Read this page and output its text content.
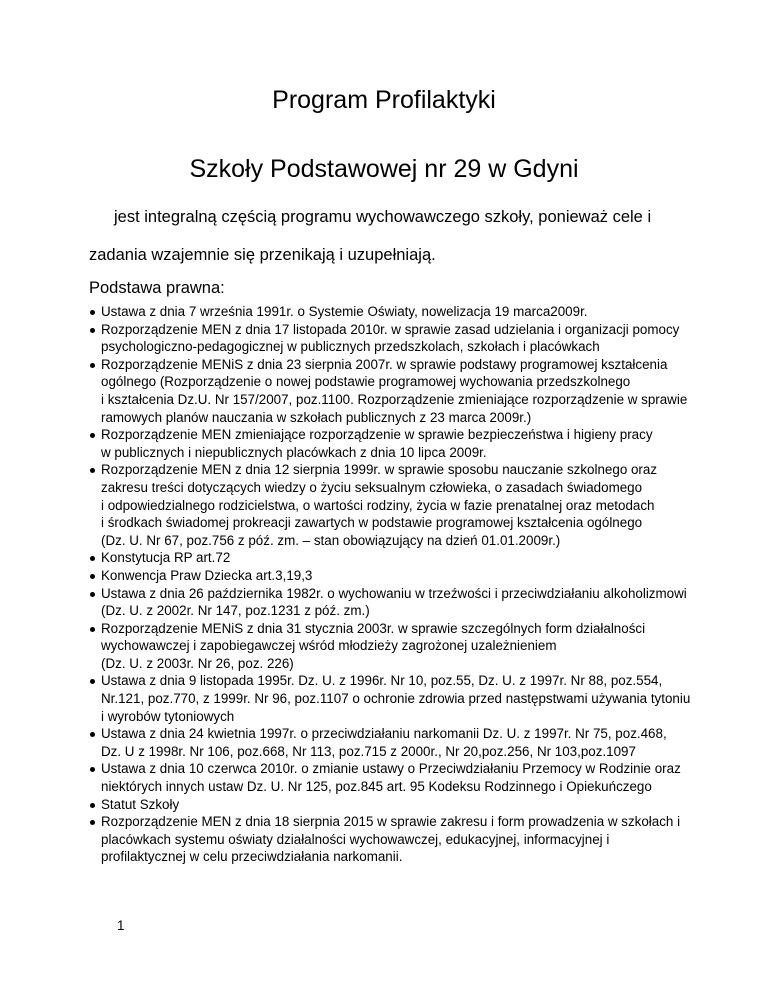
Program Profilaktyki
Szkoły Podstawowej nr 29 w Gdyni
jest integralną częścią programu wychowawczego szkoły, ponieważ cele i
zadania wzajemnie się przenikają i uzupełniają.
Podstawa prawna:
Ustawa z dnia 7 września 1991r. o Systemie Oświaty, nowelizacja 19 marca2009r.
Rozporządzenie MEN z dnia 17 listopada 2010r. w sprawie zasad udzielania i organizacji pomocy
psychologiczno-pedagogicznej w publicznych przedszkolach, szkołach i placówkach
Rozporządzenie MENiS z dnia 23 sierpnia 2007r. w sprawie podstawy programowej kształcenia
ogólnego (Rozporządzenie o nowej podstawie programowej wychowania przedszkolnego
i kształcenia Dz.U. Nr 157/2007, poz.1100. Rozporządzenie zmieniające rozporządzenie w sprawie
ramowych planów nauczania w szkołach publicznych z 23 marca 2009r.)
Rozporządzenie MEN zmieniające rozporządzenie w sprawie bezpieczeństwa i higieny pracy
w publicznych i niepublicznych placówkach z dnia 10 lipca 2009r.
Rozporządzenie MEN z dnia 12 sierpnia 1999r. w sprawie sposobu nauczanie szkolnego oraz
zakresu treści dotyczących wiedzy o życiu seksualnym człowieka, o zasadach świadomego
i odpowiedzialnego rodzicielstwa, o wartości rodziny, życia w fazie prenatalnej oraz metodach
i środkach świadomej prokreacji zawartych w podstawie programowej kształcenia ogólnego
(Dz. U. Nr 67, poz.756 z póź. zm. – stan obowiązujący na dzień 01.01.2009r.)
Konstytucja RP art.72
Konwencja Praw Dziecka art.3,19,3
Ustawa z dnia 26 października 1982r. o wychowaniu w trzeźwości i przeciwdziałaniu alkoholizmowi
(Dz. U. z 2002r. Nr 147, poz.1231 z póź. zm.)
Rozporządzenie MENiS z dnia 31 stycznia 2003r. w sprawie szczególnych form działalności
wychowawczej i zapobiegawczej wśród młodzieży zagrożonej uzależnieniem
(Dz. U. z 2003r. Nr 26, poz. 226)
Ustawa z dnia 9 listopada 1995r. Dz. U. z 1996r. Nr 10, poz.55, Dz. U. z 1997r. Nr 88, poz.554,
Nr.121, poz.770, z 1999r. Nr 96, poz.1107 o ochronie zdrowia przed następstwami używania tytoniu
i wyrobów tytoniowych
Ustawa z dnia 24 kwietnia 1997r. o przeciwdziałaniu narkomanii Dz. U. z 1997r. Nr 75, poz.468,
Dz. U z 1998r. Nr 106, poz.668, Nr 113, poz.715 z 2000r., Nr 20,poz.256, Nr 103,poz.1097
Ustawa z dnia 10 czerwca 2010r. o zmianie ustawy o Przeciwdziałaniu Przemocy w Rodzinie oraz
niektórych innych ustaw Dz. U. Nr 125, poz.845 art. 95 Kodeksu Rodzinnego i Opiekuńczego
Statut Szkoły
Rozporządzenie MEN z dnia 18 sierpnia 2015 w sprawie zakresu i form prowadzenia w szkołach i
placówkach systemu oświaty działalności wychowawczej, edukacyjnej, informacyjnej i
profilaktycznej w celu przeciwdziałania narkomanii.
1
